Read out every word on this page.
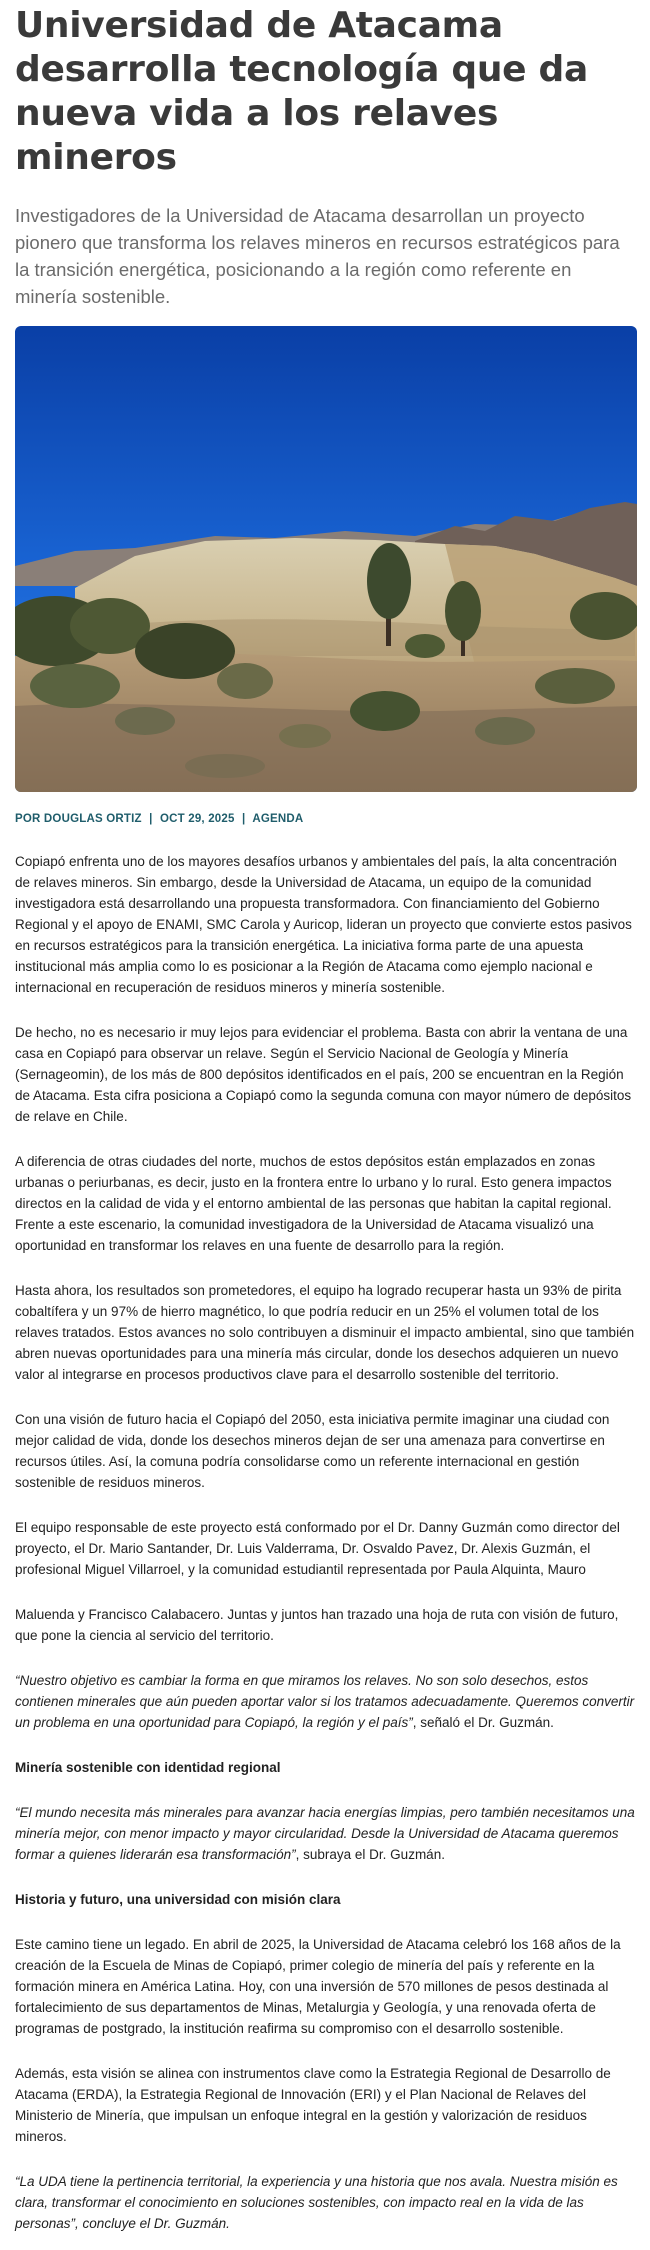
Universidad de Atacama desarrolla tecnología que da nueva vida a los relaves mineros

Investigadores de la Universidad de Atacama desarrollan un proyecto pionero que transforma los relaves mineros en recursos estratégicos para la transición energética, posicionando a la región como referente en minería sostenible.

POR DOUGLAS ORTIZ | OCT 29, 2025 | AGENDA

Copiapó enfrenta uno de los mayores desafíos urbanos y ambientales del país, la alta concentración de relaves mineros. Sin embargo, desde la Universidad de Atacama, un equipo de la comunidad investigadora está desarrollando una propuesta transformadora. Con financiamiento del Gobierno Regional y el apoyo de ENAMI, SMC Carola y Auricop, lideran un proyecto que convierte estos pasivos en recursos estratégicos para la transición energética. La iniciativa forma parte de una apuesta institucional más amplia como lo es posicionar a la Región de Atacama como ejemplo nacional e internacional en recuperación de residuos mineros y minería sostenible.

De hecho, no es necesario ir muy lejos para evidenciar el problema. Basta con abrir la ventana de una casa en Copiapó para observar un relave. Según el Servicio Nacional de Geología y Minería (Sernageomin), de los más de 800 depósitos identificados en el país, 200 se encuentran en la Región de Atacama. Esta cifra posiciona a Copiapó como la segunda comuna con mayor número de depósitos de relave en Chile.

A diferencia de otras ciudades del norte, muchos de estos depósitos están emplazados en zonas urbanas o periurbanas, es decir, justo en la frontera entre lo urbano y lo rural. Esto genera impactos directos en la calidad de vida y el entorno ambiental de las personas que habitan la capital regional. Frente a este escenario, la comunidad investigadora de la Universidad de Atacama visualizó una oportunidad en transformar los relaves en una fuente de desarrollo para la región.

Hasta ahora, los resultados son prometedores, el equipo ha logrado recuperar hasta un 93% de pirita cobaltífera y un 97% de hierro magnético, lo que podría reducir en un 25% el volumen total de los relaves tratados. Estos avances no solo contribuyen a disminuir el impacto ambiental, sino que también abren nuevas oportunidades para una minería más circular, donde los desechos adquieren un nuevo valor al integrarse en procesos productivos clave para el desarrollo sostenible del territorio.

Con una visión de futuro hacia el Copiapó del 2050, esta iniciativa permite imaginar una ciudad con mejor calidad de vida, donde los desechos mineros dejan de ser una amenaza para convertirse en recursos útiles. Así, la comuna podría consolidarse como un referente internacional en gestión sostenible de residuos mineros.

El equipo responsable de este proyecto está conformado por el Dr. Danny Guzmán como director del proyecto, el Dr. Mario Santander, Dr. Luis Valderrama, Dr. Osvaldo Pavez, Dr. Alexis Guzmán, el profesional Miguel Villarroel, y la comunidad estudiantil representada por Paula Alquinta, Mauro

Maluenda y Francisco Calabacero. Juntas y juntos han trazado una hoja de ruta con visión de futuro, que pone la ciencia al servicio del territorio.

“Nuestro objetivo es cambiar la forma en que miramos los relaves. No son solo desechos, estos contienen minerales que aún pueden aportar valor si los tratamos adecuadamente. Queremos convertir un problema en una oportunidad para Copiapó, la región y el país”, señaló el Dr. Guzmán.

Minería sostenible con identidad regional

“El mundo necesita más minerales para avanzar hacia energías limpias, pero también necesitamos una minería mejor, con menor impacto y mayor circularidad. Desde la Universidad de Atacama queremos formar a quienes liderarán esa transformación”, subraya el Dr. Guzmán.

Historia y futuro, una universidad con misión clara

Este camino tiene un legado. En abril de 2025, la Universidad de Atacama celebró los 168 años de la creación de la Escuela de Minas de Copiapó, primer colegio de minería del país y referente en la formación minera en América Latina. Hoy, con una inversión de 570 millones de pesos destinada al fortalecimiento de sus departamentos de Minas, Metalurgia y Geología, y una renovada oferta de programas de postgrado, la institución reafirma su compromiso con el desarrollo sostenible.

Además, esta visión se alinea con instrumentos clave como la Estrategia Regional de Desarrollo de Atacama (ERDA), la Estrategia Regional de Innovación (ERI) y el Plan Nacional de Relaves del Ministerio de Minería, que impulsan un enfoque integral en la gestión y valorización de residuos mineros.

“La UDA tiene la pertinencia territorial, la experiencia y una historia que nos avala. Nuestra misión es clara, transformar el conocimiento en soluciones sostenibles, con impacto real en la vida de las personas”, concluye el Dr. Guzmán.
